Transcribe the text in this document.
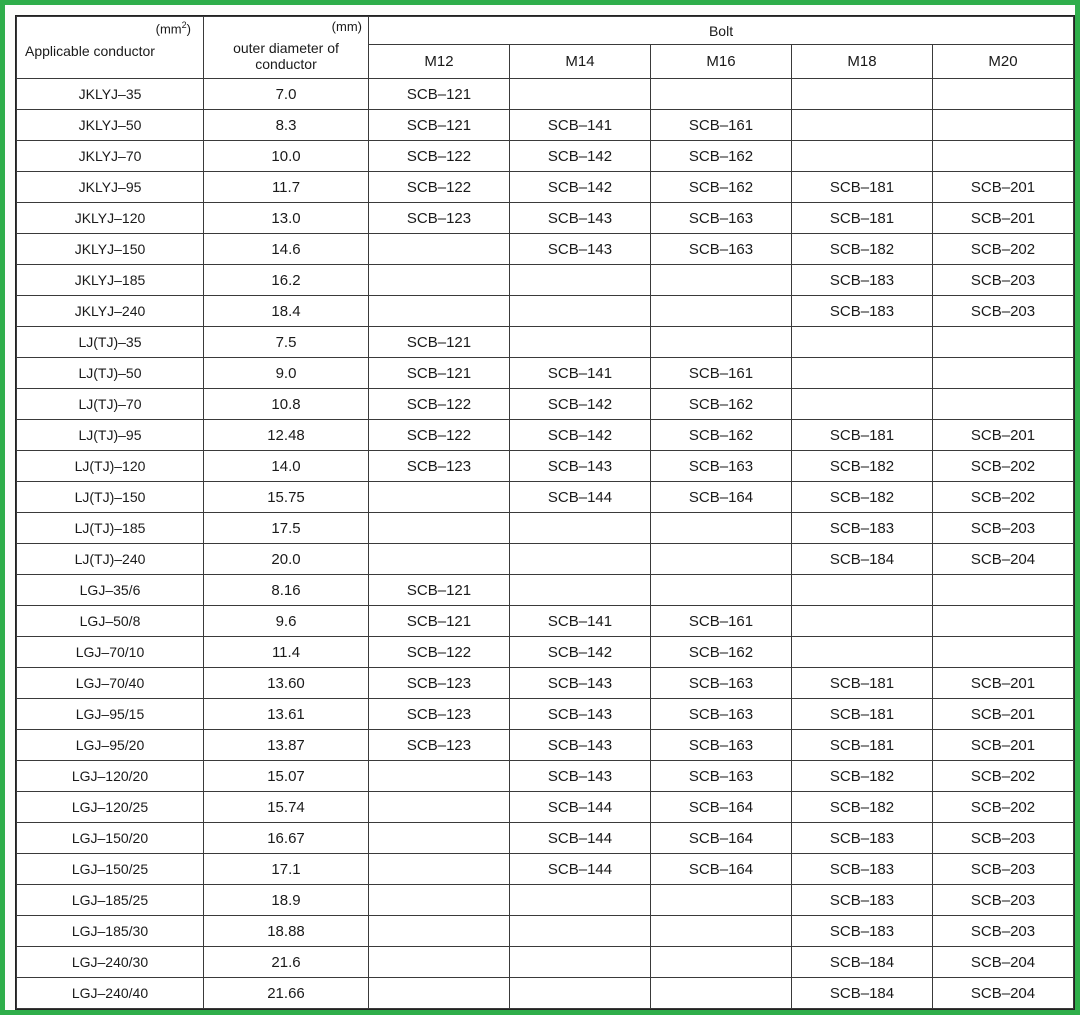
$(mm^2)$
Applicable conductor	(mm)
outer diameter of conductor	Bolt				
		M12	M14	M16	M18	M20
JKLYJ–35	7.0	SCB–121				
JKLYJ–50	8.3	SCB–121	SCB–141	SCB–161		
JKLYJ–70	10.0	SCB–122	SCB–142	SCB–162		
JKLYJ–95	11.7	SCB–122	SCB–142	SCB–162	SCB–181	SCB–201
JKLYJ–120	13.0	SCB–123	SCB–143	SCB–163	SCB–181	SCB–201
JKLYJ–150	14.6		SCB–143	SCB–163	SCB–182	SCB–202
JKLYJ–185	16.2				SCB–183	SCB–203
JKLYJ–240	18.4				SCB–183	SCB–203
LJ(TJ)–35	7.5	SCB–121				
LJ(TJ)–50	9.0	SCB–121	SCB–141	SCB–161		
LJ(TJ)–70	10.8	SCB–122	SCB–142	SCB–162		
LJ(TJ)–95	12.48	SCB–122	SCB–142	SCB–162	SCB–181	SCB–201
LJ(TJ)–120	14.0	SCB–123	SCB–143	SCB–163	SCB–182	SCB–202
LJ(TJ)–150	15.75		SCB–144	SCB–164	SCB–182	SCB–202
LJ(TJ)–185	17.5				SCB–183	SCB–203
LJ(TJ)–240	20.0				SCB–184	SCB–204
LGJ–35/6	8.16	SCB–121				
LGJ–50/8	9.6	SCB–121	SCB–141	SCB–161		
LGJ–70/10	11.4	SCB–122	SCB–142	SCB–162		
LGJ–70/40	13.60	SCB–123	SCB–143	SCB–163	SCB–181	SCB–201
LGJ–95/15	13.61	SCB–123	SCB–143	SCB–163	SCB–181	SCB–201
LGJ–95/20	13.87	SCB–123	SCB–143	SCB–163	SCB–181	SCB–201
LGJ–120/20	15.07		SCB–143	SCB–163	SCB–182	SCB–202
LGJ–120/25	15.74		SCB–144	SCB–164	SCB–182	SCB–202
LGJ–150/20	16.67		SCB–144	SCB–164	SCB–183	SCB–203
LGJ–150/25	17.1		SCB–144	SCB–164	SCB–183	SCB–203
LGJ–185/25	18.9				SCB–183	SCB–203
LGJ–185/30	18.88				SCB–183	SCB–203
LGJ–240/30	21.6				SCB–184	SCB–204
LGJ–240/40	21.66				SCB–184	SCB–204
